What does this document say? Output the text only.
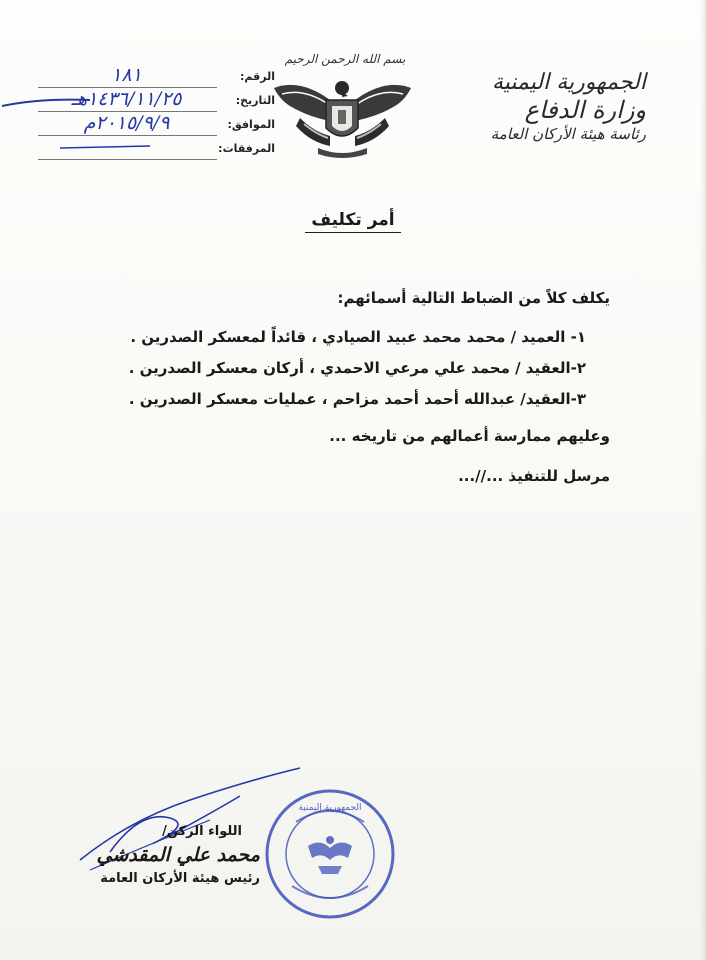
الجمهورية اليمنية
وزارة الدفاع
رئاسة هيئة الأركان العامة
بسم الله الرحمن الرحيم
الرقم:
١٨١
التاريخ:
١٤٣٦/١١/٢٥هـ
الموافق:
٢٠١٥/٩/٩م
المرفقات:
أمر تكليف

يكلف كلاً من الضباط التالية أسمائهم:

١- العميد / محمد محمد عبيد الصيادي ، قائداً لمعسكر الصدرين .
٢-العقيد / محمد علي مرعي الاحمدي ، أركان معسكر الصدرين .
٣-العقيد/ عبدالله أحمد أحمد مزاحم ، عمليات معسكر الصدرين .

وعليهم ممارسة أعمالهم من تاريخه ...

مرسل للتنفيذ ...//...

اللواء الركن/
محمد علي المقدشي
رئيس هيئة الأركان العامة
الجمهورية اليمنية
